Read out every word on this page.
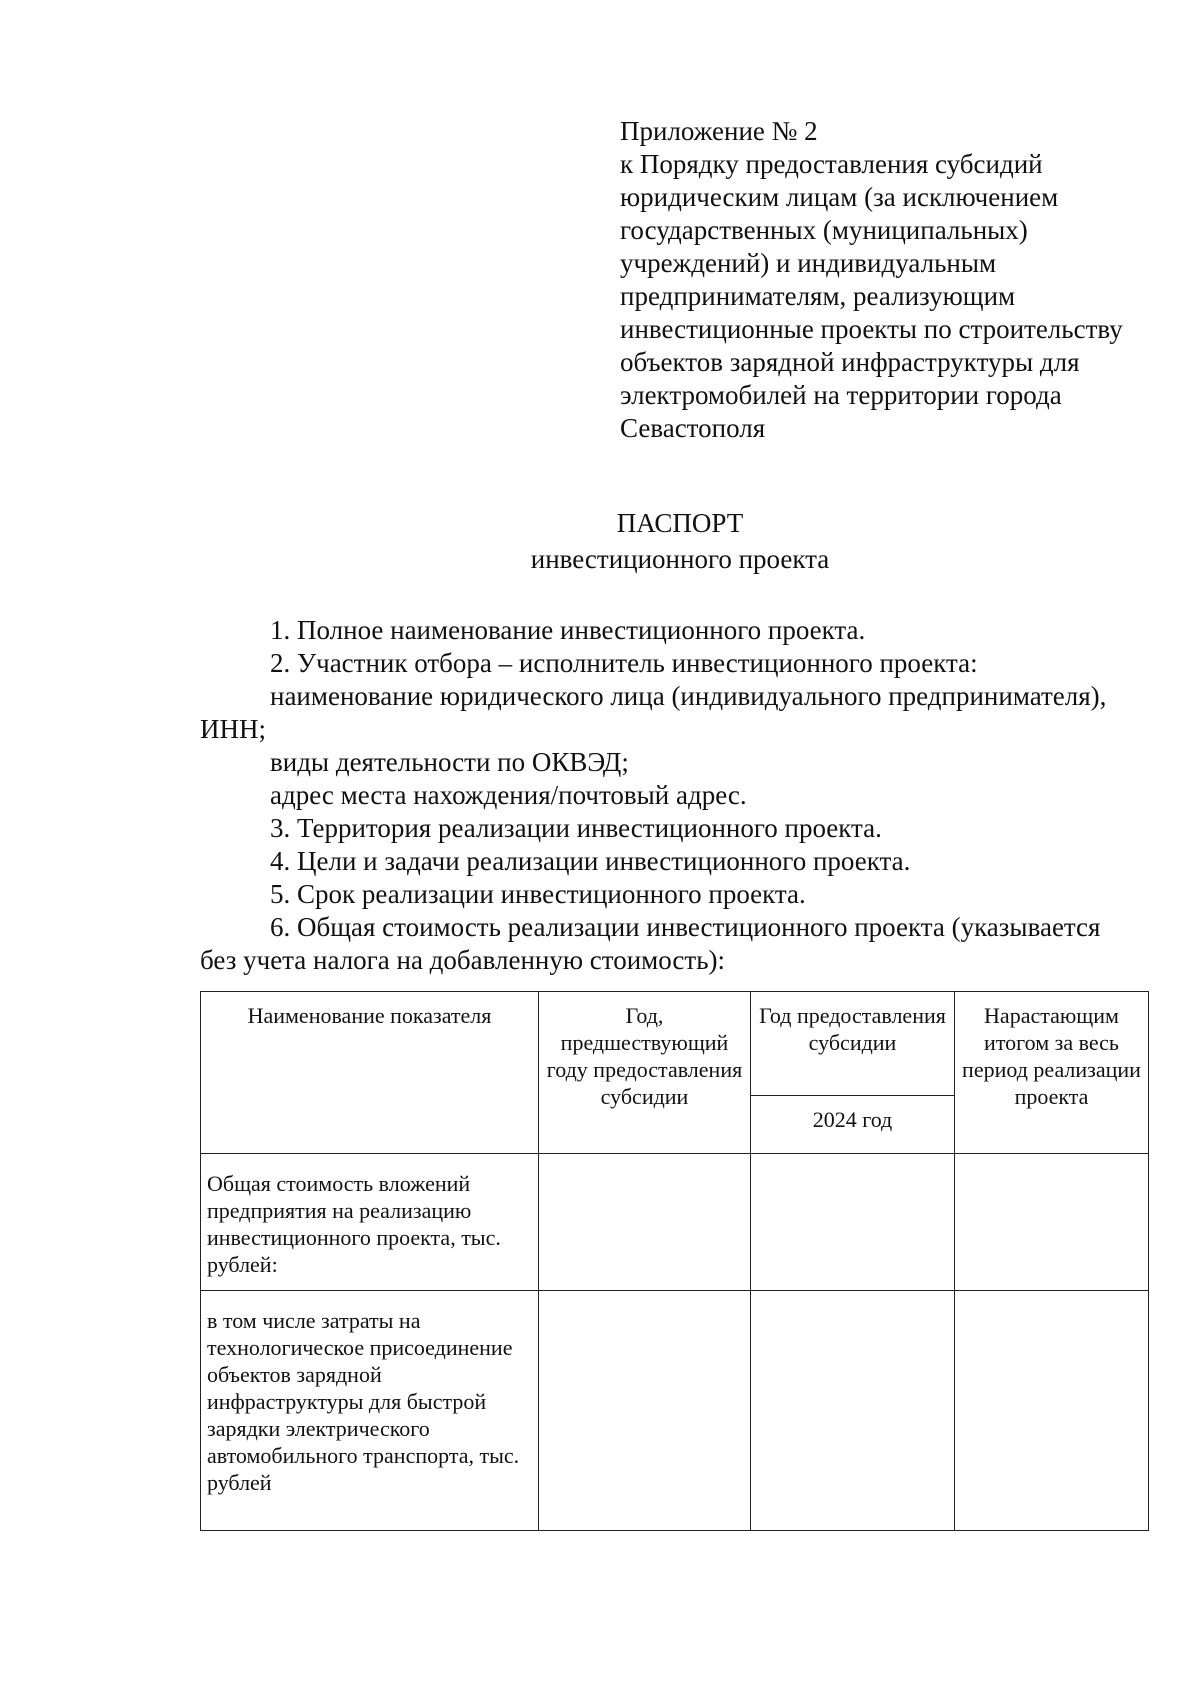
Приложение № 2
к Порядку предоставления субсидий
юридическим лицам (за исключением
государственных (муниципальных)
учреждений) и индивидуальным
предпринимателям, реализующим
инвестиционные проекты по строительству
объектов зарядной инфраструктуры для
электромобилей на территории города
Севастополя
ПАСПОРТ
инвестиционного проекта
1. Полное наименование инвестиционного проекта.
2. Участник отбора – исполнитель инвестиционного проекта:
наименование юридического лица (индивидуального предпринимателя),
ИНН;
виды деятельности по ОКВЭД;
адрес места нахождения/почтовый адрес.
3. Территория реализации инвестиционного проекта.
4. Цели и задачи реализации инвестиционного проекта.
5. Срок реализации инвестиционного проекта.
6. Общая стоимость реализации инвестиционного проекта (указывается
без учета налога на добавленную стоимость):
Наименование показателя	Год, предшествующий году предоставления субсидии	Год предоставления субсидии	Нарастающим итогом за весь период реализации проекта
		2024 год	
Общая стоимость вложений предприятия на реализацию инвестиционного проекта, тыс. рублей:			
в том числе затраты на технологическое присоединение объектов зарядной инфраструктуры для быстрой зарядки электрического автомобильного транспорта, тыс. рублей			
